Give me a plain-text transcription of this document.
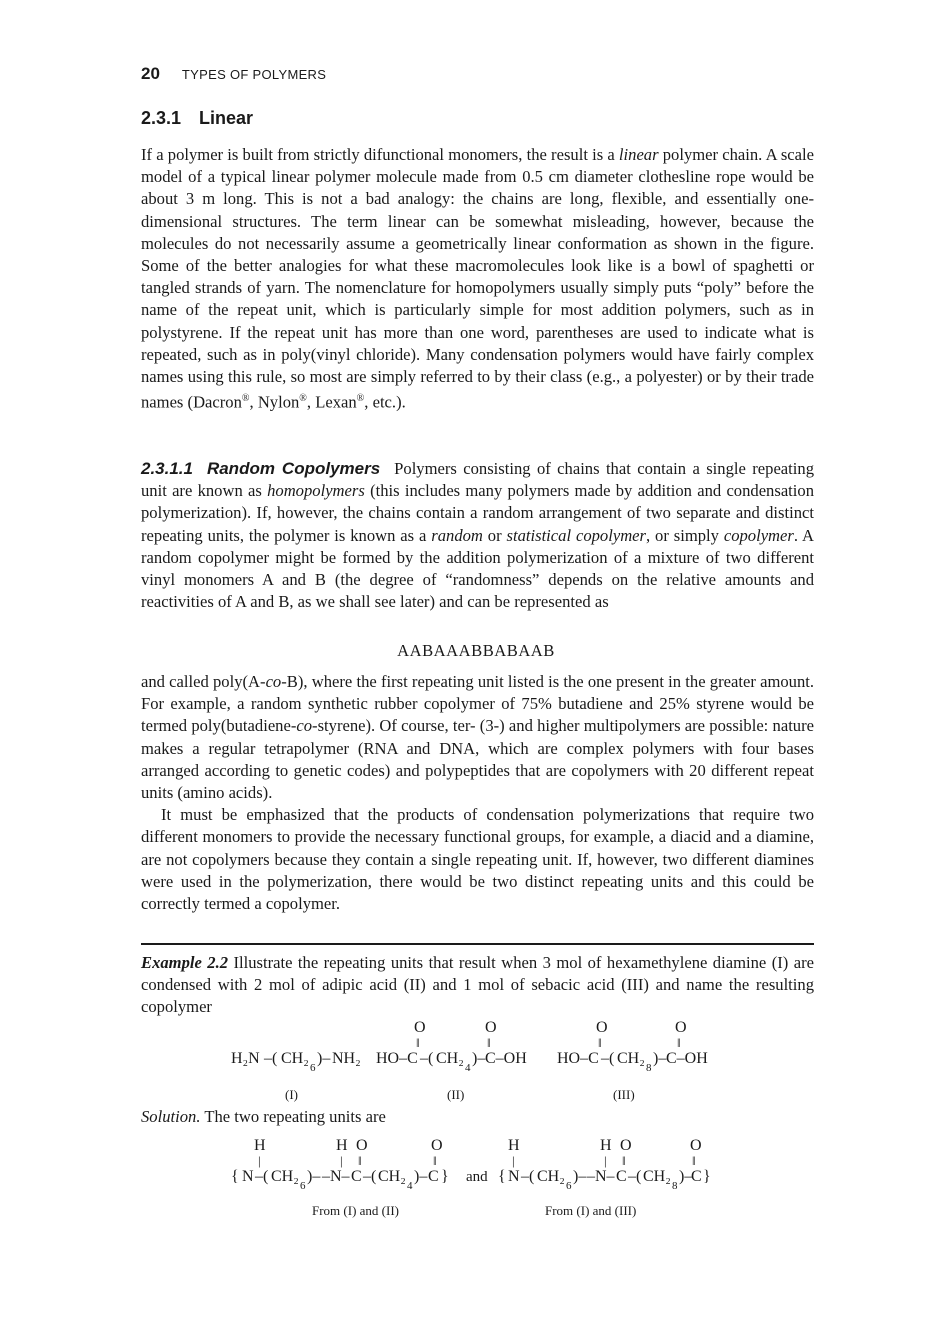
20 TYPES OF POLYMERS
2.3.1 Linear

If a polymer is built from strictly difunctional monomers, the result is a linear polymer chain. A scale model of a typical linear polymer molecule made from 0.5 cm diameter clothesline rope would be about 3 m long. This is not a bad analogy: the chains are long, flexible, and essentially one-dimensional structures. The term linear can be somewhat misleading, however, because the molecules do not necessarily assume a geometrically linear conformation as shown in the figure. Some of the better analogies for what these macromolecules look like is a bowl of spaghetti or tangled strands of yarn. The nomenclature for homopolymers usually simply puts “poly” before the name of the repeat unit, which is particularly simple for most addition polymers, such as in polystyrene. If the repeat unit has more than one word, parentheses are used to indicate what is repeated, such as in poly(vinyl chloride). Many condensation polymers would have fairly complex names using this rule, so most are simply referred to by their class (e.g., a polyester) or by their trade names (Dacron®, Nylon®, Lexan®, etc.).

2.3.1.1 Random Copolymers Polymers consisting of chains that contain a single repeating unit are known as homopolymers (this includes many polymers made by addition and condensation polymerization). If, however, the chains contain a random arrangement of two separate and distinct repeating units, the polymer is known as a random or statistical copolymer, or simply copolymer. A random copolymer might be formed by the addition polymerization of a mixture of two different vinyl monomers A and B (the degree of “randomness” depends on the relative amounts and reactivities of A and B, as we shall see later) and can be represented as

AABAAABBABAAB

and called poly(A-co-B), where the first repeating unit listed is the one present in the greater amount. For example, a random synthetic rubber copolymer of 75% butadiene and 25% styrene would be termed poly(butadiene-co-styrene). Of course, ter- (3-) and higher multipolymers are possible: nature makes a regular tetrapolymer (RNA and DNA, which are complex polymers with four bases arranged according to genetic codes) and polypeptides that are copolymers with 20 different repeat units (amino acids).

It must be emphasized that the products of condensation polymerizations that require two different monomers to provide the necessary functional groups, for example, a diacid and a diamine, are not copolymers because they contain a single repeating unit. If, however, two different diamines were used in the polymerization, there would be two distinct repeating units and this could be correctly termed a copolymer.

Example 2.2 Illustrate the repeating units that result when 3 mol of hexamethylene diamine (I) are condensed with 2 mol of adipic acid (II) and 1 mol of sebacic acid (III) and name the resulting copolymer

H₂N –( CH₂ )–
6
NH₂
O
‖
HO–C –( CH₂ )–
4
O
‖
C–OH
O
‖
HO–C –( CH₂ )–
8
O
‖
C–OH
(I)	(II)	(III)

Solution. The two repeating units are

H
|
{ N –( CH₂ )–
6
H
|
–N–
O
‖
C –( CH₂ )–
4
O
‖
C } and
H
|
{ N –( CH₂ )–
6
H
|
–N–
O
‖
C –( CH₂ )–
8
O
‖
C }
From (I) and (II)	From (I) and (III)
